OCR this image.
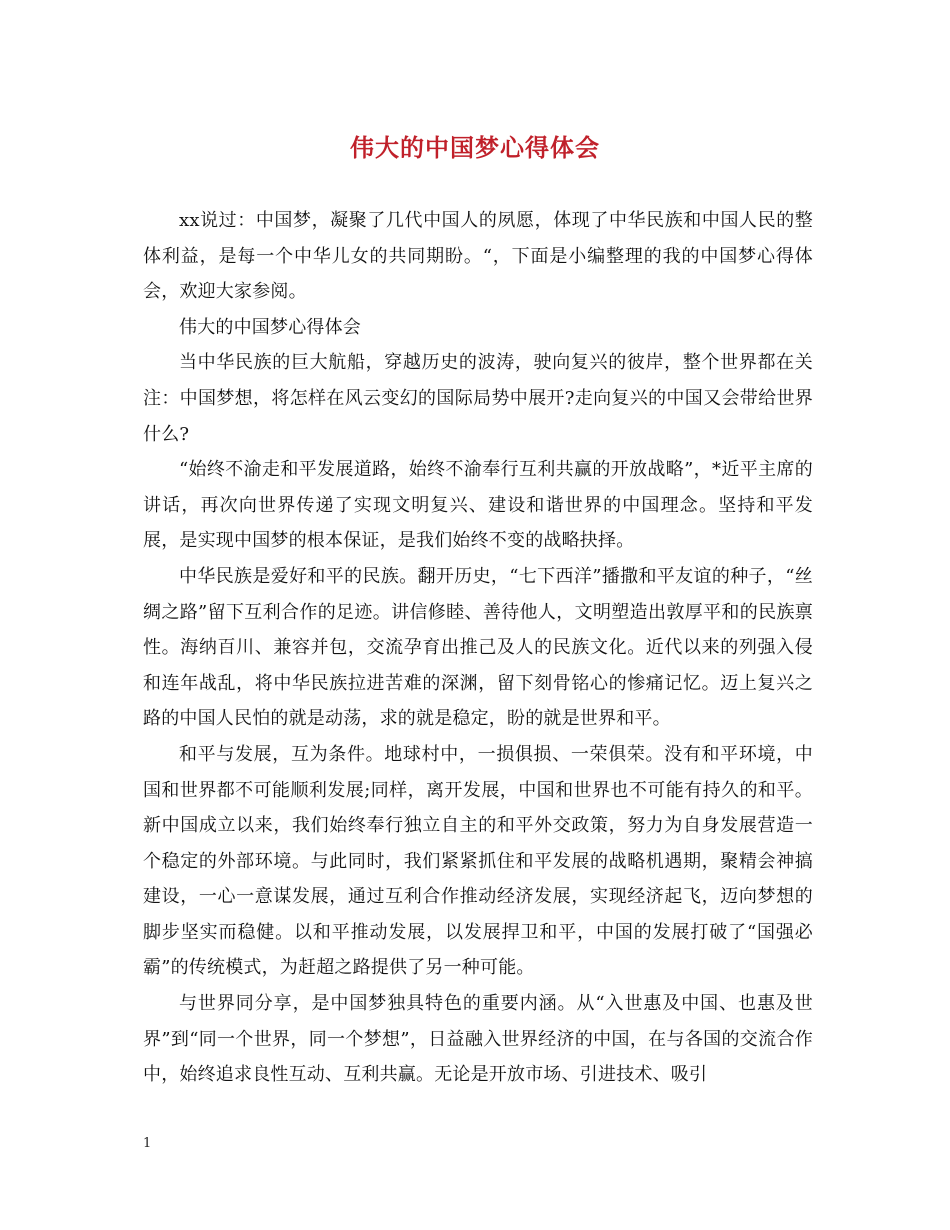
伟大的中国梦心得体会

xx说过：中国梦，凝聚了几代中国人的夙愿，体现了中华民族和中国人民的整体利益，是每一个中华儿女的共同期盼。“，下面是小编整理的我的中国梦心得体会，欢迎大家参阅。

伟大的中国梦心得体会

当中华民族的巨大航船，穿越历史的波涛，驶向复兴的彼岸，整个世界都在关注：中国梦想，将怎样在风云变幻的国际局势中展开?走向复兴的中国又会带给世界什么?

“始终不渝走和平发展道路，始终不渝奉行互利共赢的开放战略”，*近平主席的讲话，再次向世界传递了实现文明复兴、建设和谐世界的中国理念。坚持和平发展，是实现中国梦的根本保证，是我们始终不变的战略抉择。

中华民族是爱好和平的民族。翻开历史，“七下西洋”播撒和平友谊的种子，“丝绸之路”留下互利合作的足迹。讲信修睦、善待他人，文明塑造出敦厚平和的民族禀性。海纳百川、兼容并包，交流孕育出推己及人的民族文化。近代以来的列强入侵和连年战乱，将中华民族拉进苦难的深渊，留下刻骨铭心的惨痛记忆。迈上复兴之路的中国人民怕的就是动荡，求的就是稳定，盼的就是世界和平。

和平与发展，互为条件。地球村中，一损俱损、一荣俱荣。没有和平环境，中国和世界都不可能顺利发展;同样，离开发展，中国和世界也不可能有持久的和平。新中国成立以来，我们始终奉行独立自主的和平外交政策，努力为自身发展营造一个稳定的外部环境。与此同时，我们紧紧抓住和平发展的战略机遇期，聚精会神搞建设，一心一意谋发展，通过互利合作推动经济发展，实现经济起飞，迈向梦想的脚步坚实而稳健。以和平推动发展，以发展捍卫和平，中国的发展打破了“国强必霸”的传统模式，为赶超之路提供了另一种可能。

与世界同分享，是中国梦独具特色的重要内涵。从“入世惠及中国、也惠及世界”到“同一个世界，同一个梦想”，日益融入世界经济的中国，在与各国的交流合作中，始终追求良性互动、互利共赢。无论是开放市场、引进技术、吸引

1
